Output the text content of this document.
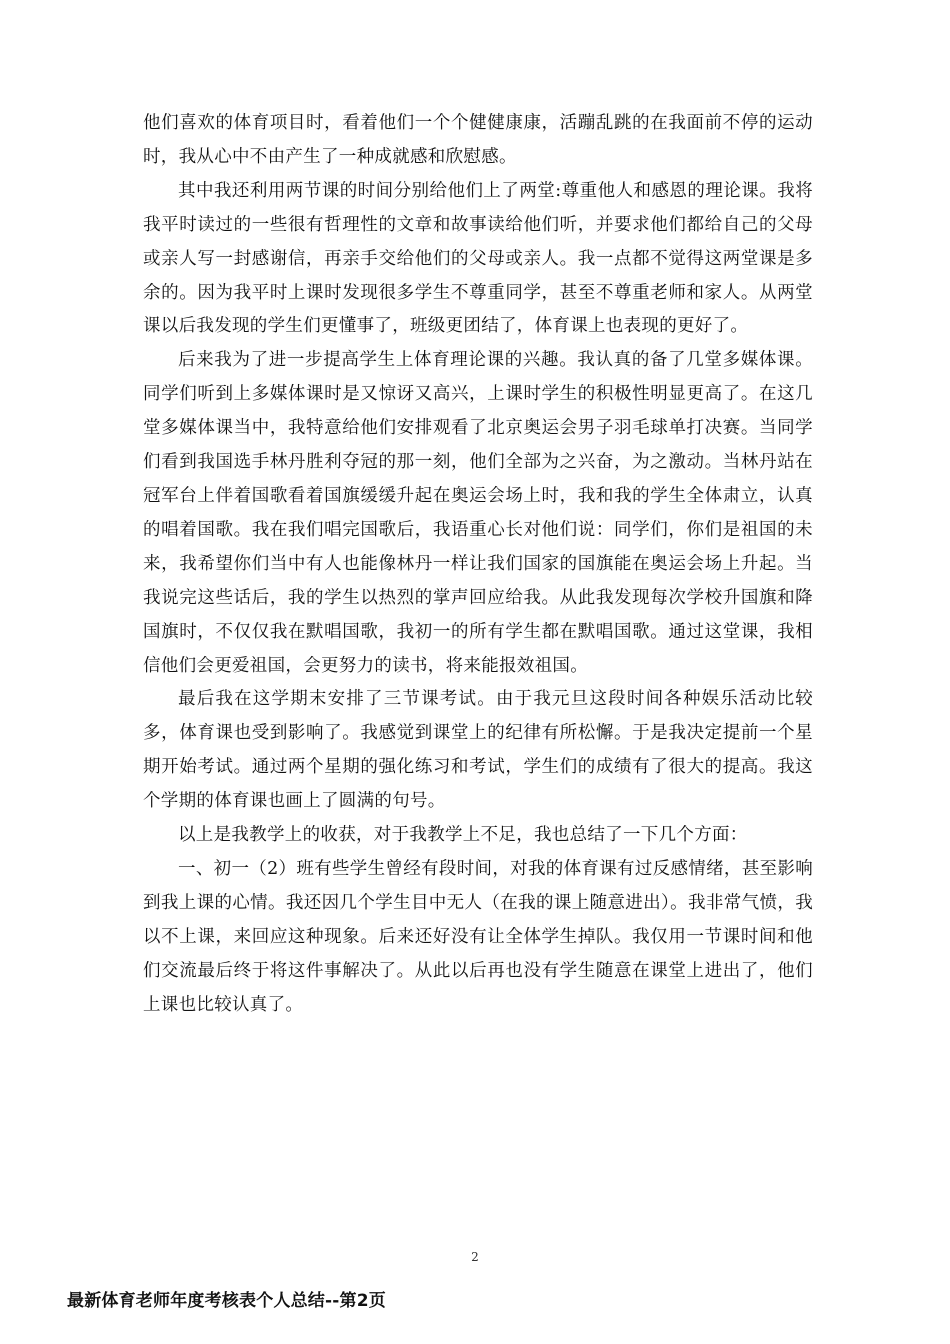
他们喜欢的体育项目时，看着他们一个个健健康康，活蹦乱跳的在我面前不停的运动时，我从心中不由产生了一种成就感和欣慰感。

其中我还利用两节课的时间分别给他们上了两堂:尊重他人和感恩的理论课。我将我平时读过的一些很有哲理性的文章和故事读给他们听，并要求他们都给自己的父母或亲人写一封感谢信，再亲手交给他们的父母或亲人。我一点都不觉得这两堂课是多余的。因为我平时上课时发现很多学生不尊重同学，甚至不尊重老师和家人。从两堂课以后我发现的学生们更懂事了，班级更团结了，体育课上也表现的更好了。

后来我为了进一步提高学生上体育理论课的兴趣。我认真的备了几堂多媒体课。同学们听到上多媒体课时是又惊讶又高兴，上课时学生的积极性明显更高了。在这几堂多媒体课当中，我特意给他们安排观看了北京奥运会男子羽毛球单打决赛。当同学们看到我国选手林丹胜利夺冠的那一刻，他们全部为之兴奋，为之激动。当林丹站在冠军台上伴着国歌看着国旗缓缓升起在奥运会场上时，我和我的学生全体肃立，认真的唱着国歌。我在我们唱完国歌后，我语重心长对他们说：同学们，你们是祖国的未来，我希望你们当中有人也能像林丹一样让我们国家的国旗能在奥运会场上升起。当我说完这些话后，我的学生以热烈的掌声回应给我。从此我发现每次学校升国旗和降国旗时，不仅仅我在默唱国歌，我初一的所有学生都在默唱国歌。通过这堂课，我相信他们会更爱祖国，会更努力的读书，将来能报效祖国。

最后我在这学期末安排了三节课考试。由于我元旦这段时间各种娱乐活动比较多，体育课也受到影响了。我感觉到课堂上的纪律有所松懈。于是我决定提前一个星期开始考试。通过两个星期的强化练习和考试，学生们的成绩有了很大的提高。我这个学期的体育课也画上了圆满的句号。

以上是我教学上的收获，对于我教学上不足，我也总结了一下几个方面：

一、初一（2）班有些学生曾经有段时间，对我的体育课有过反感情绪，甚至影响到我上课的心情。我还因几个学生目中无人（在我的课上随意进出）。我非常气愤，我以不上课，来回应这种现象。后来还好没有让全体学生掉队。我仅用一节课时间和他们交流最后终于将这件事解决了。从此以后再也没有学生随意在课堂上进出了，他们上课也比较认真了。

2
最新体育老师年度考核表个人总结--第2页
